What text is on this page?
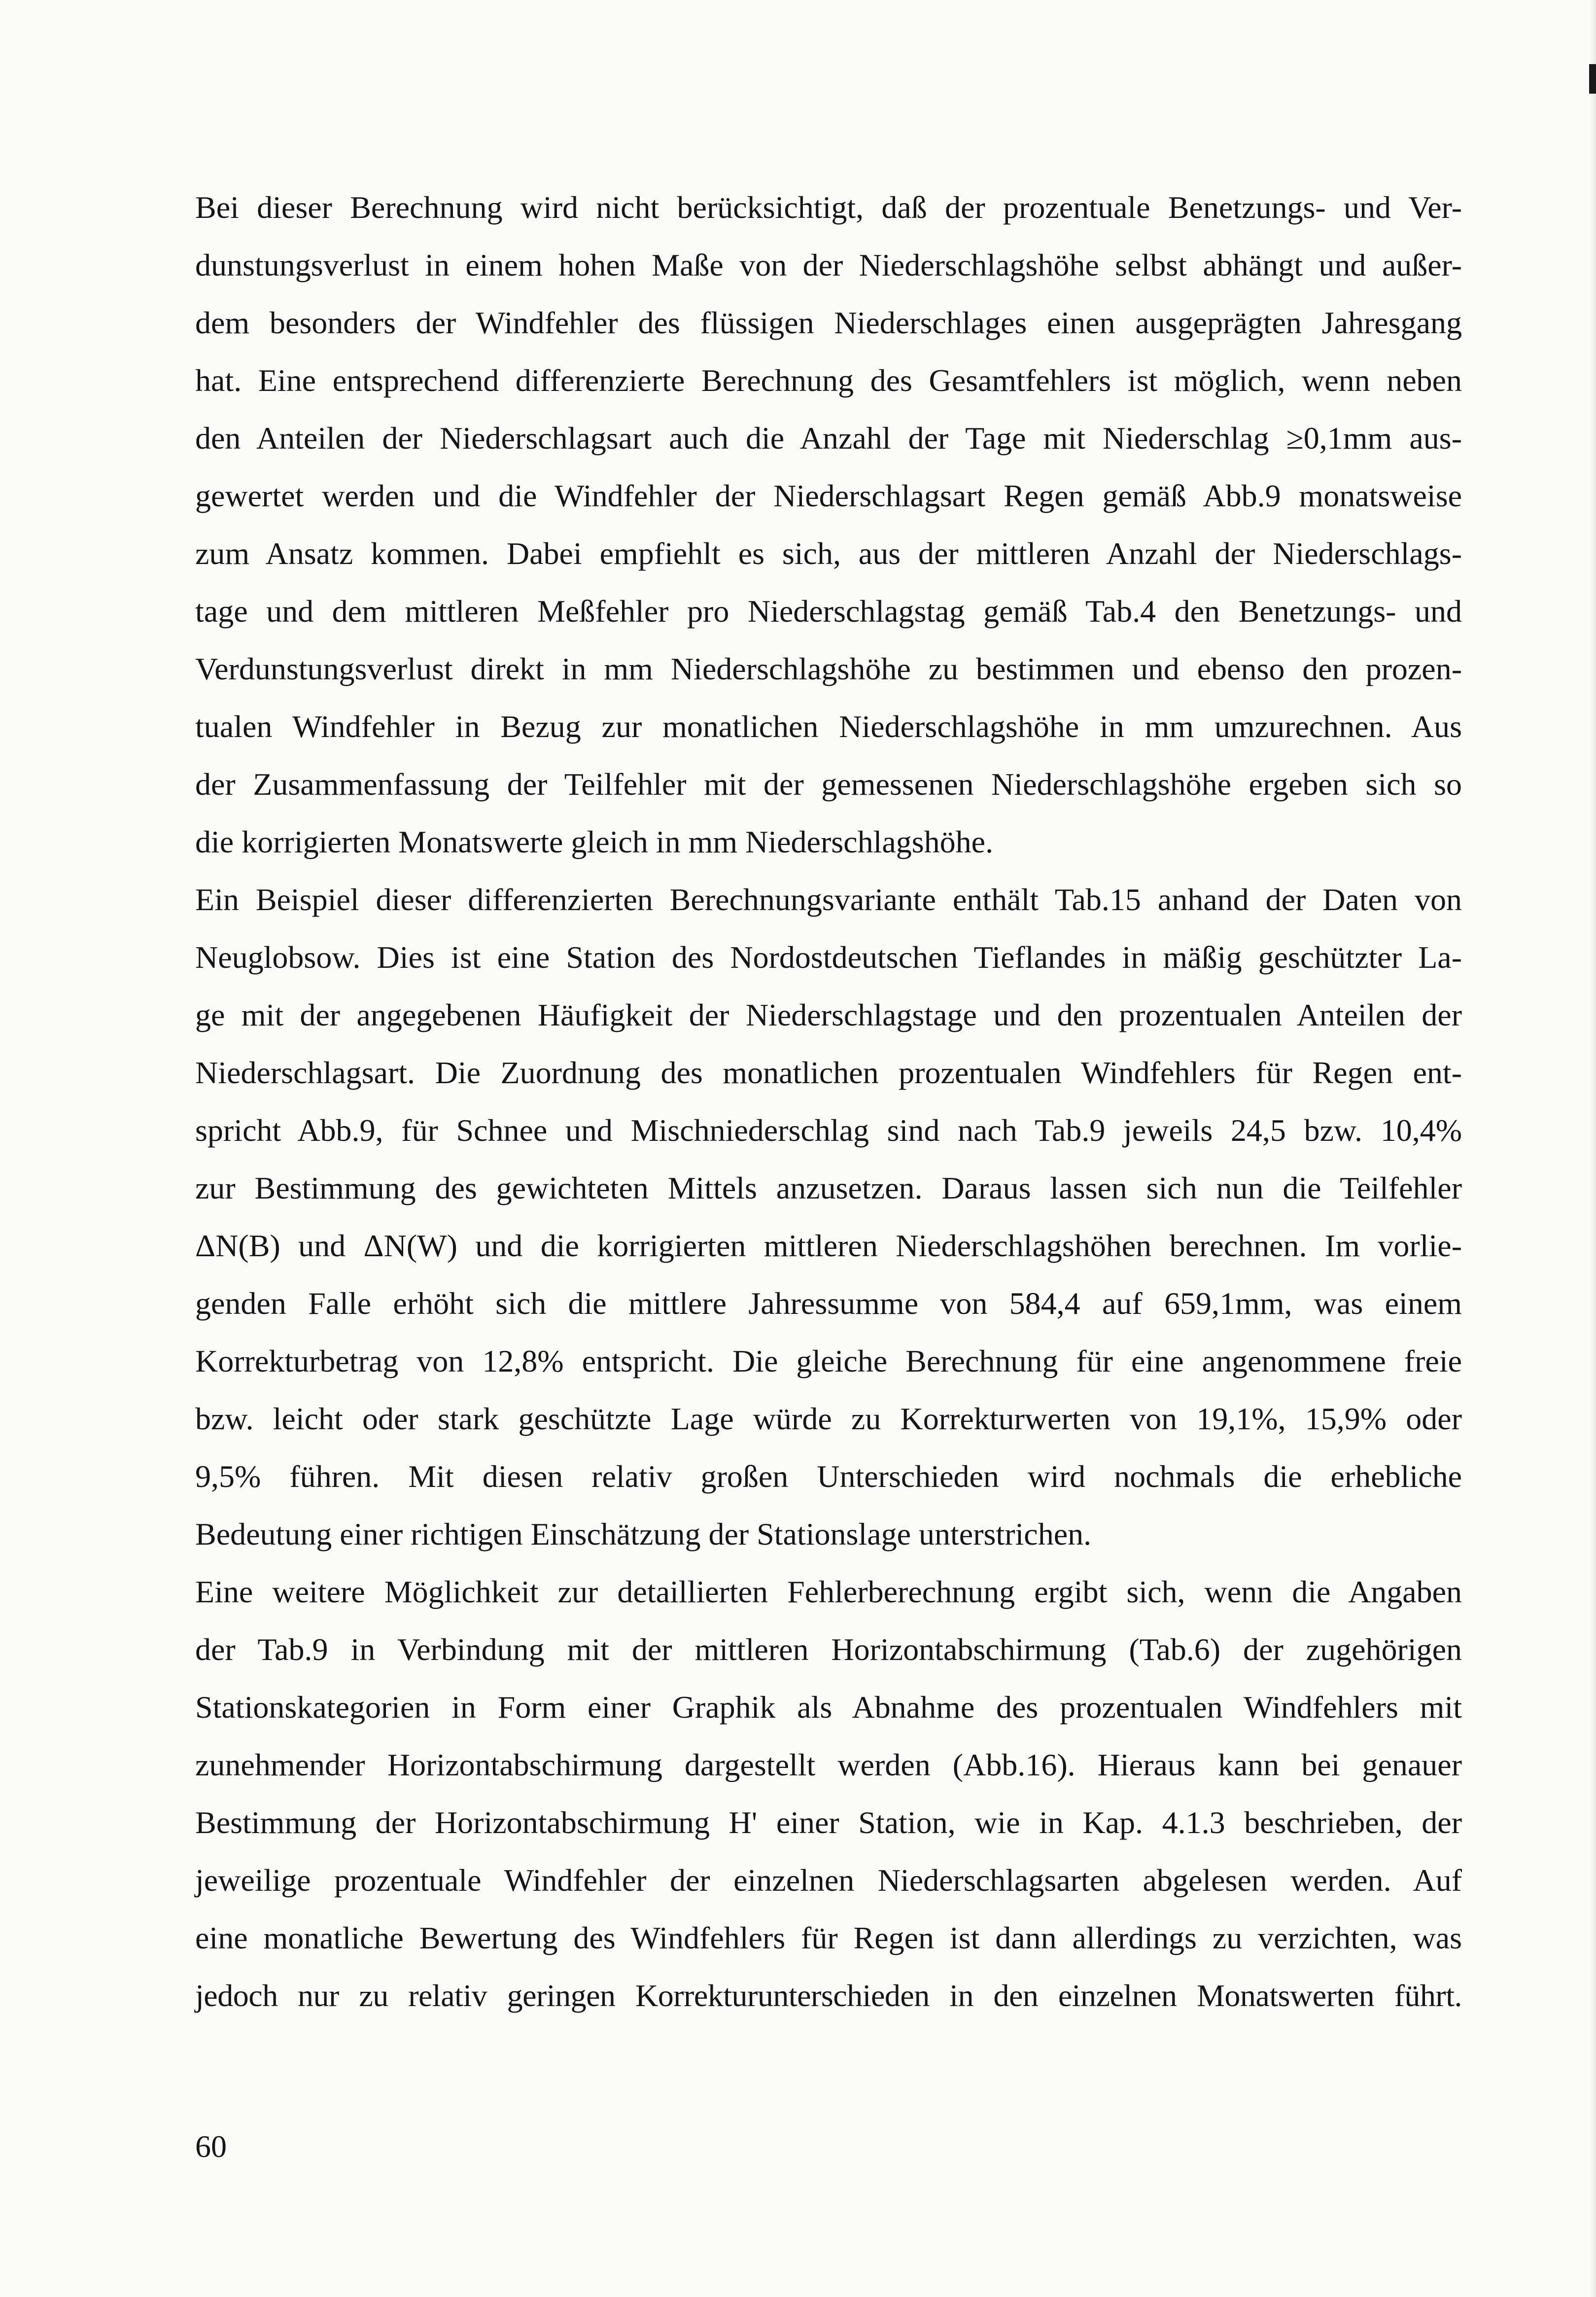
Bei dieser Berechnung wird nicht berücksichtigt, daß der prozentuale Benetzungs- und Ver-
dunstungsverlust in einem hohen Maße von der Niederschlagshöhe selbst abhängt und außer-
dem besonders der Windfehler des flüssigen Niederschlages einen ausgeprägten Jahresgang
hat. Eine entsprechend differenzierte Berechnung des Gesamtfehlers ist möglich, wenn neben
den Anteilen der Niederschlagsart auch die Anzahl der Tage mit Niederschlag ≥0,1mm aus-
gewertet werden und die Windfehler der Niederschlagsart Regen gemäß Abb.9 monatsweise
zum Ansatz kommen. Dabei empfiehlt es sich, aus der mittleren Anzahl der Niederschlags-
tage und dem mittleren Meßfehler pro Niederschlagstag gemäß Tab.4 den Benetzungs- und
Verdunstungsverlust direkt in mm Niederschlagshöhe zu bestimmen und ebenso den prozen-
tualen Windfehler in Bezug zur monatlichen Niederschlagshöhe in mm umzurechnen. Aus
der Zusammenfassung der Teilfehler mit der gemessenen Niederschlagshöhe ergeben sich so
die korrigierten Monatswerte gleich in mm Niederschlagshöhe.
Ein Beispiel dieser differenzierten Berechnungsvariante enthält Tab.15 anhand der Daten von
Neuglobsow. Dies ist eine Station des Nordostdeutschen Tieflandes in mäßig geschützter La-
ge mit der angegebenen Häufigkeit der Niederschlagstage und den prozentualen Anteilen der
Niederschlagsart. Die Zuordnung des monatlichen prozentualen Windfehlers für Regen ent-
spricht Abb.9, für Schnee und Mischniederschlag sind nach Tab.9 jeweils 24,5 bzw. 10,4%
zur Bestimmung des gewichteten Mittels anzusetzen. Daraus lassen sich nun die Teilfehler
ΔN(B) und ΔN(W) und die korrigierten mittleren Niederschlagshöhen berechnen. Im vorlie-
genden Falle erhöht sich die mittlere Jahressumme von 584,4 auf 659,1mm, was einem
Korrekturbetrag von 12,8% entspricht. Die gleiche Berechnung für eine angenommene freie
bzw. leicht oder stark geschützte Lage würde zu Korrekturwerten von 19,1%, 15,9% oder
9,5% führen. Mit diesen relativ großen Unterschieden wird nochmals die erhebliche
Bedeutung einer richtigen Einschätzung der Stationslage unterstrichen.
Eine weitere Möglichkeit zur detaillierten Fehlerberechnung ergibt sich, wenn die Angaben
der Tab.9 in Verbindung mit der mittleren Horizontabschirmung (Tab.6) der zugehörigen
Stationskategorien in Form einer Graphik als Abnahme des prozentualen Windfehlers mit
zunehmender Horizontabschirmung dargestellt werden (Abb.16). Hieraus kann bei genauer
Bestimmung der Horizontabschirmung H' einer Station, wie in Kap. 4.1.3 beschrieben, der
jeweilige prozentuale Windfehler der einzelnen Niederschlagsarten abgelesen werden. Auf
eine monatliche Bewertung des Windfehlers für Regen ist dann allerdings zu verzichten, was
jedoch nur zu relativ geringen Korrekturunterschieden in den einzelnen Monatswerten führt.
60
